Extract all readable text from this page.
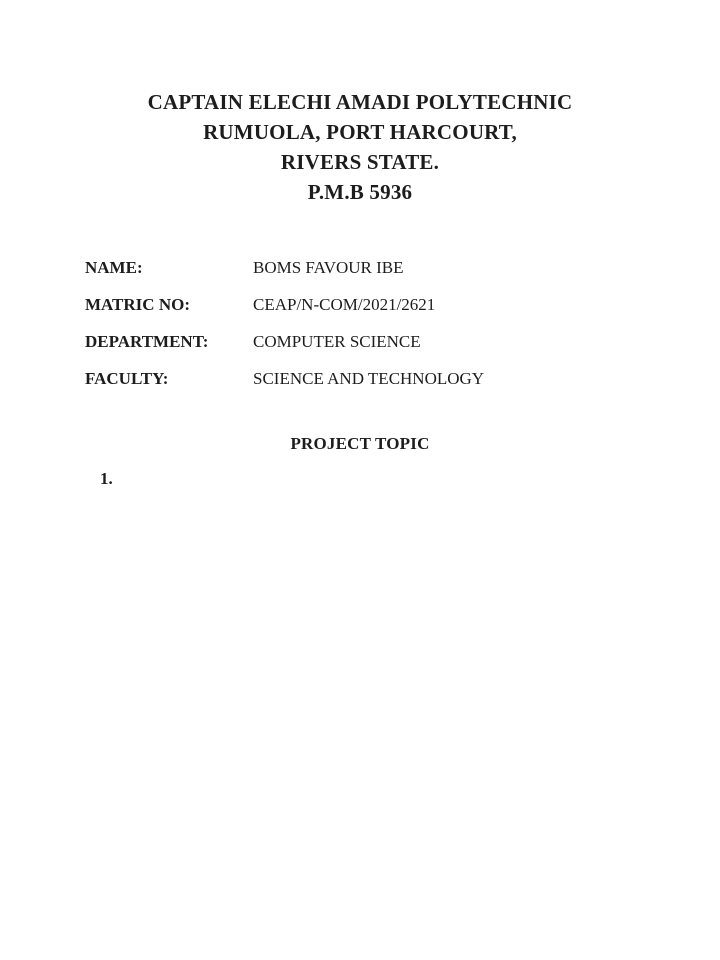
CAPTAIN ELECHI AMADI POLYTECHNIC
RUMUOLA, PORT HARCOURT,
RIVERS STATE.
P.M.B 5936
NAME:	BOMS FAVOUR IBE
MATRIC NO:	CEAP/N-COM/2021/2621
DEPARTMENT:	COMPUTER SCIENCE
FACULTY:	SCIENCE AND TECHNOLOGY
PROJECT TOPIC
1.
